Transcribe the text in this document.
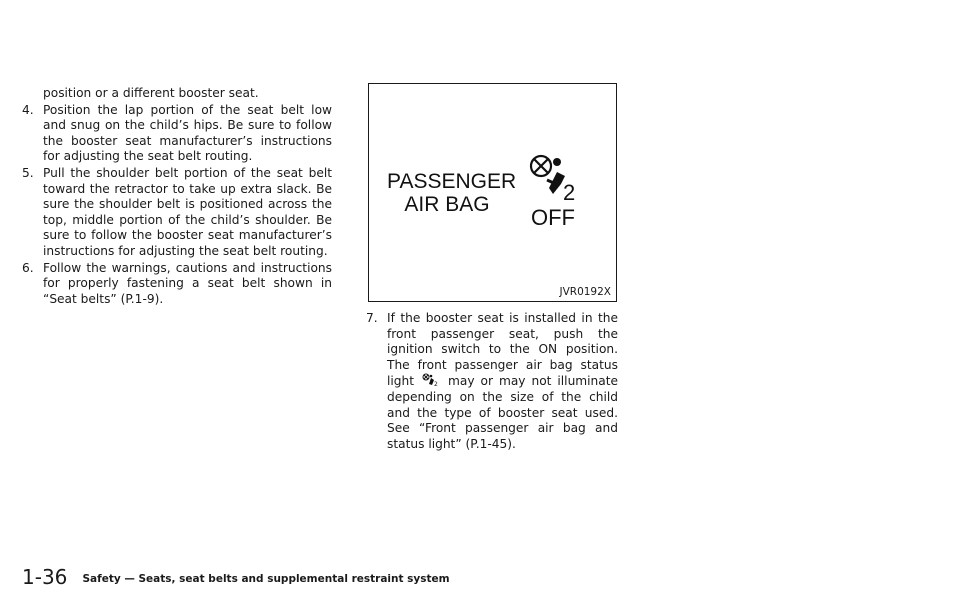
position or a different booster seat.
4. Position the lap portion of the seat belt low and snug on the child’s hips. Be sure to follow the booster seat manufacturer’s instructions for adjusting the seat belt routing.
5. Pull the shoulder belt portion of the seat belt toward the retractor to take up extra slack. Be sure the shoulder belt is positioned across the top, middle portion of the child’s shoulder. Be sure to follow the booster seat manufacturer’s instructions for adjusting the seat belt routing.
6. Follow the warnings, cautions and instructions for properly fastening a seat belt shown in “Seat belts” (P.1-9).
PASSENGER
AIR BAG	2
OFF
JVR0192X
7. If the booster seat is installed in the front passenger seat, push the ignition switch to the ON position. The front passenger air bag status light	2 may or may not illuminate depending on the size of the child and the type of booster seat used. See “Front passenger air bag and status light” (P.1-45).
1-36 Safety — Seats, seat belts and supplemental restraint system
